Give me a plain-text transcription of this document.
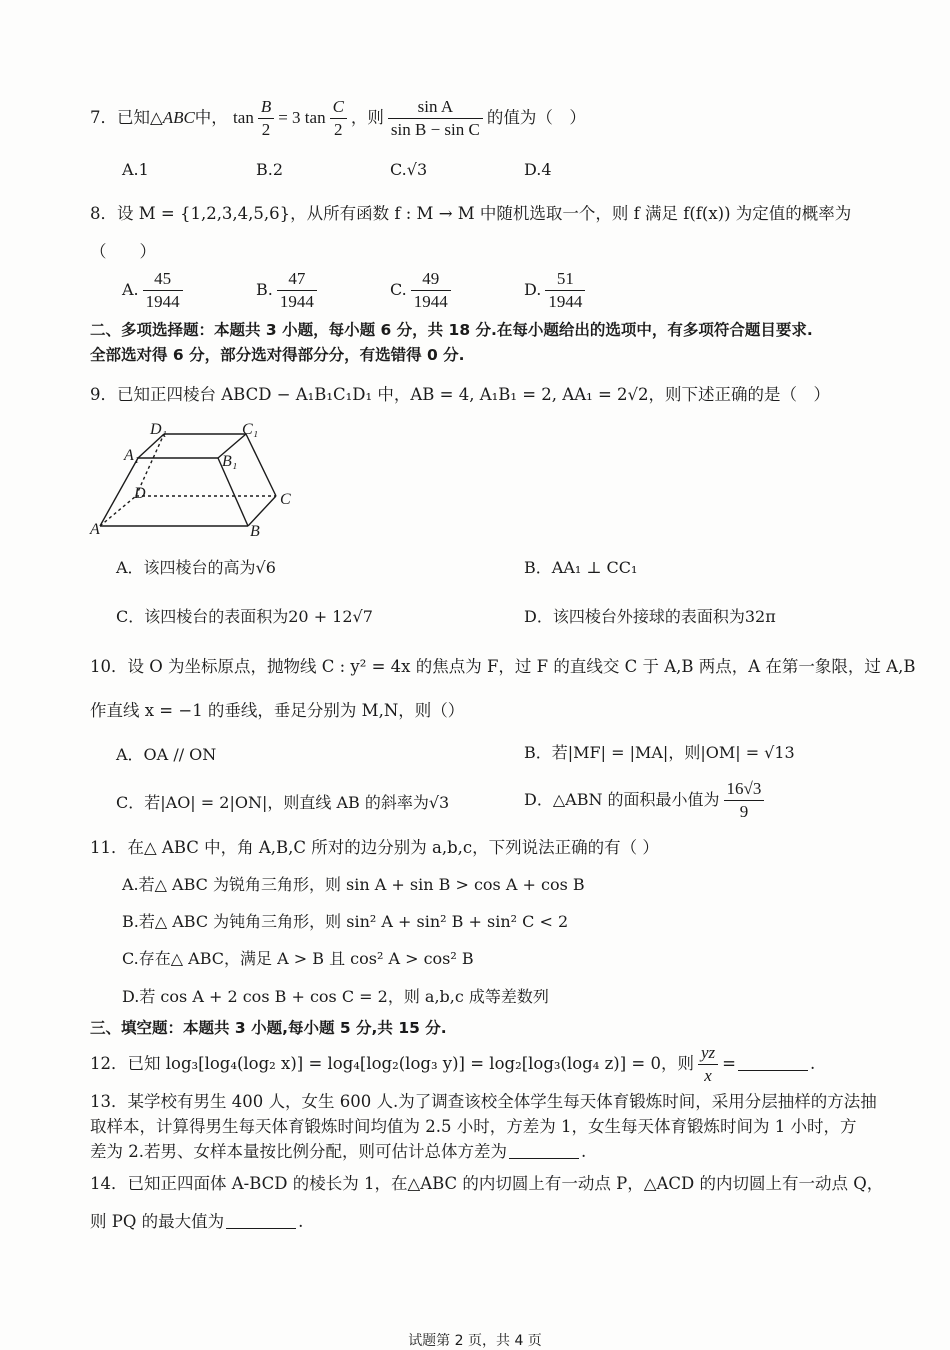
7．已知△ABC中， $\tan \frac{B}{2} = 3$ $\tan \frac{C}{2}$ ，则 $\frac{\text{sin A}}{\text{sin B − sin C}}$ 的值为（　）
A.1	B.2	C.√3	D.4
8．设 M = {1,2,3,4,5,6}，从所有函数 f : M → M 中随机选取一个，则 f 满足 f(f(x)) 为定值的概率为
（　　）
A. $\frac{45}{1944}$	B. $\frac{47}{1944}$	C. $\frac{49}{1944}$	D. $\frac{51}{1944}$
二、多项选择题：本题共 3 小题，每小题 6 分，共 18 分.在每小题给出的选项中，有多项符合题目要求.
全部选对得 6 分，部分选对得部分分，有选错得 0 分.
9．已知正四棱台 ABCD − A₁B₁C₁D₁ 中，AB = 4, A₁B₁ = 2, AA₁ = 2√2，则下述正确的是（　）
D₁	C₁
A₁	B₁
D	C
A	B
A．该四棱台的高为√6	B．AA₁ ⊥ CC₁
C．该四棱台的表面积为20 + 12√7	D．该四棱台外接球的表面积为32π
10．设 O 为坐标原点，抛物线 C : y² = 4x 的焦点为 F，过 F 的直线交 C 于 A,B 两点，A 在第一象限，过 A,B
作直线 x = −1 的垂线，垂足分别为 M,N，则（）
A．OA // ON	B．若|MF| = |MA|，则|OM| = √13
C．若|AO| = 2|ON|，则直线 AB 的斜率为√3	D．△ABN 的面积最小值为 $\frac{16√3}{9}$
11．在△ ABC 中，角 A,B,C 所对的边分别为 a,b,c，下列说法正确的有（ ）
A.若△ ABC 为锐角三角形，则 sin A + sin B > cos A + cos B
B.若△ ABC 为钝角三角形，则 sin² A + sin² B + sin² C < 2
C.存在△ ABC，满足 A > B 且 cos² A > cos² B
D.若 cos A + 2 cos B + cos C = 2，则 a,b,c 成等差数列
三、填空题：本题共 3 小题,每小题 5 分,共 15 分.
12．已知 log₃[log₄(log₂ x)] = log₄[log₂(log₃ y)] = log₂[log₃(log₄ z)] = 0，则 $\frac{yz}{x}$ =	.
13．某学校有男生 400 人，女生 600 人.为了调查该校全体学生每天体育锻炼时间，采用分层抽样的方法抽
取样本，计算得男生每天体育锻炼时间均值为 2.5 小时，方差为 1，女生每天体育锻炼时间为 1 小时，方
差为 2.若男、女样本量按比例分配，则可估计总体方差为	.
14．已知正四面体 A-BCD 的棱长为 1，在△ABC 的内切圆上有一动点 P，△ACD 的内切圆上有一动点 Q，
则 PQ 的最大值为	.
试题第 2 页，共 4 页
